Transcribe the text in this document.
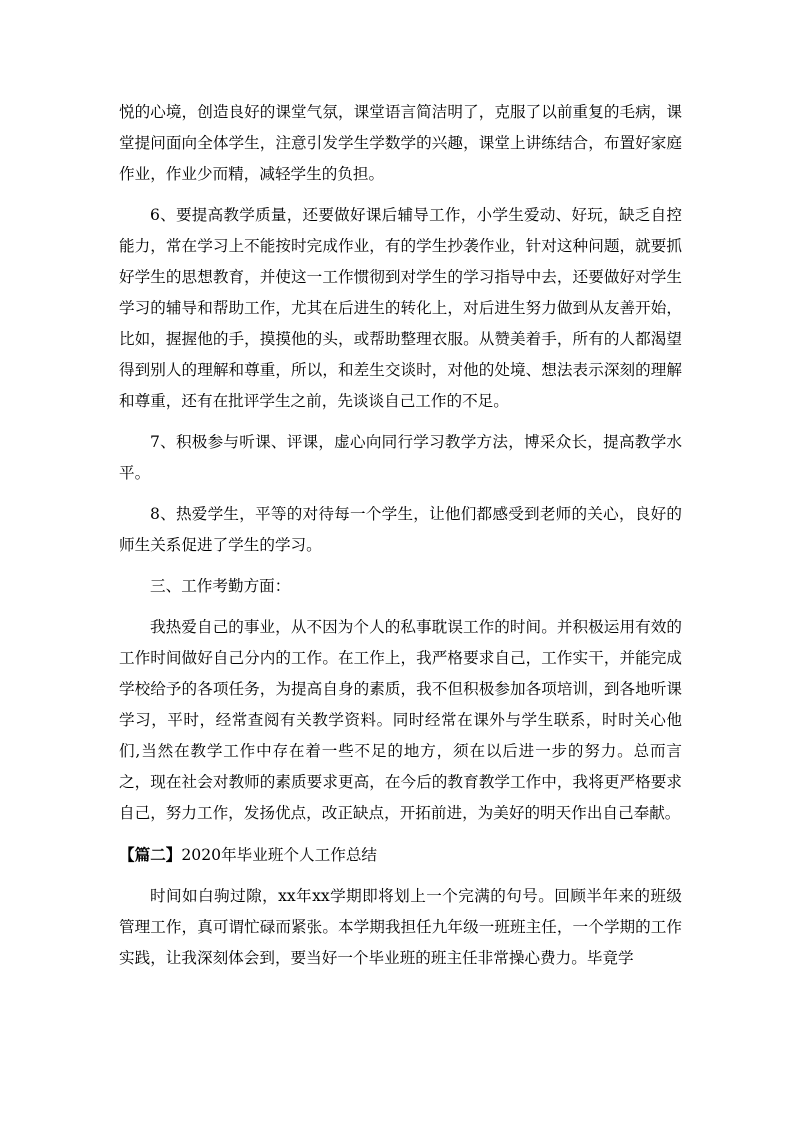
悦的心境，创造良好的课堂气氛，课堂语言简洁明了，克服了以前重复的毛病，课堂提问面向全体学生，注意引发学生学数学的兴趣，课堂上讲练结合，布置好家庭作业，作业少而精，减轻学生的负担。

6、要提高教学质量，还要做好课后辅导工作，小学生爱动、好玩，缺乏自控能力，常在学习上不能按时完成作业，有的学生抄袭作业，针对这种问题，就要抓好学生的思想教育，并使这一工作惯彻到对学生的学习指导中去，还要做好对学生学习的辅导和帮助工作，尤其在后进生的转化上，对后进生努力做到从友善开始，比如，握握他的手，摸摸他的头，或帮助整理衣服。从赞美着手，所有的人都渴望得到别人的理解和尊重，所以，和差生交谈时，对他的处境、想法表示深刻的理解和尊重，还有在批评学生之前，先谈谈自己工作的不足。

7、积极参与听课、评课，虚心向同行学习教学方法，博采众长，提高教学水平。

8、热爱学生，平等的对待每一个学生，让他们都感受到老师的关心，良好的师生关系促进了学生的学习。

三、工作考勤方面：

我热爱自己的事业，从不因为个人的私事耽误工作的时间。并积极运用有效的工作时间做好自己分内的工作。在工作上，我严格要求自己，工作实干，并能完成学校给予的各项任务，为提高自身的素质，我不但积极参加各项培训，到各地听课学习，平时，经常查阅有关教学资料。同时经常在课外与学生联系，时时关心他们,当然在教学工作中存在着一些不足的地方，须在以后进一步的努力。总而言之，现在社会对教师的素质要求更高，在今后的教育教学工作中，我将更严格要求自己，努力工作，发扬优点，改正缺点，开拓前进，为美好的明天作出自己奉献。

【篇二】2020年毕业班个人工作总结

时间如白驹过隙，xx年xx学期即将划上一个完满的句号。回顾半年来的班级管理工作，真可谓忙碌而紧张。本学期我担任九年级一班班主任，一个学期的工作实践，让我深刻体会到，要当好一个毕业班的班主任非常操心费力。毕竟学
